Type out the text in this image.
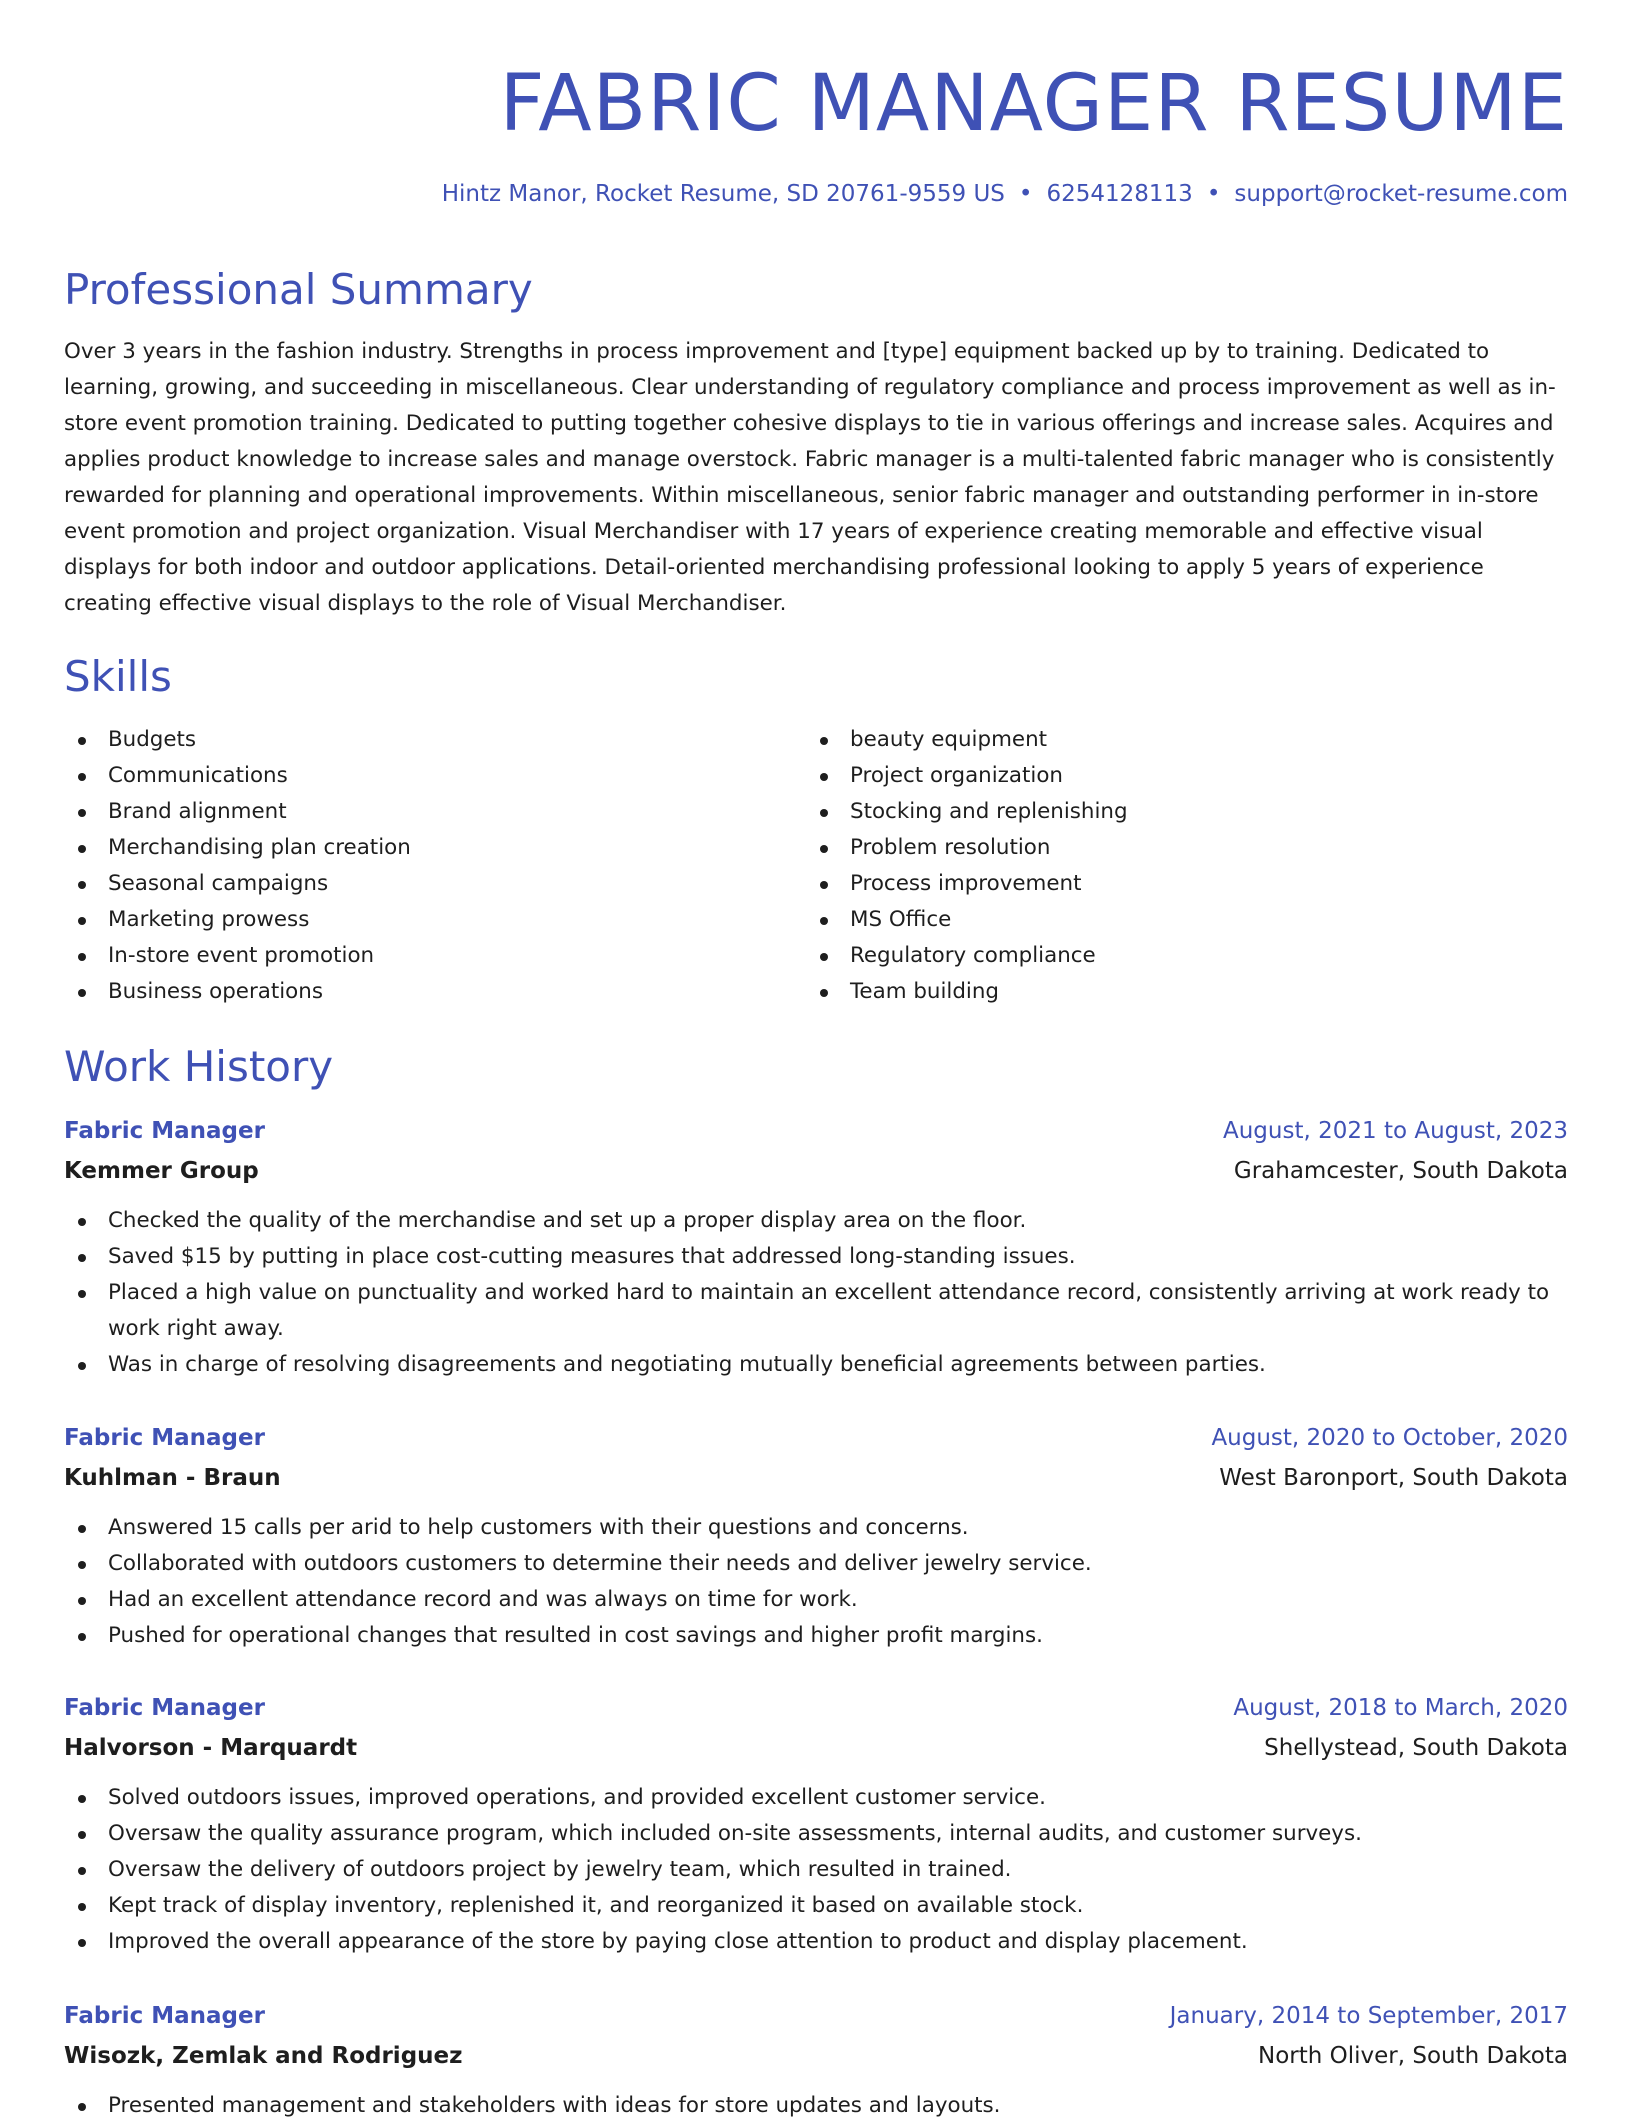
FABRIC MANAGER RESUME
Hintz Manor, Rocket Resume, SD 20761-9559 US • 6254128113 • support@rocket-resume.com
Professional Summary

Over 3 years in the fashion industry. Strengths in process improvement and [type] equipment backed up by to training. Dedicated to learning, growing, and succeeding in miscellaneous. Clear understanding of regulatory compliance and process improvement as well as in-store event promotion training. Dedicated to putting together cohesive displays to tie in various offerings and increase sales. Acquires and applies product knowledge to increase sales and manage overstock. Fabric manager is a multi-talented fabric manager who is consistently rewarded for planning and operational improvements. Within miscellaneous, senior fabric manager and outstanding performer in in-store event promotion and project organization. Visual Merchandiser with 17 years of experience creating memorable and effective visual displays for both indoor and outdoor applications. Detail-oriented merchandising professional looking to apply 5 years of experience creating effective visual displays to the role of Visual Merchandiser.

Skills
Budgets
Communications
Brand alignment
Merchandising plan creation
Seasonal campaigns
Marketing prowess
In-store event promotion
Business operations
beauty equipment
Project organization
Stocking and replenishing
Problem resolution
Process improvement
MS Office
Regulatory compliance
Team building
Work History
Fabric Manager	August, 2021 to August, 2023
Kemmer Group	Grahamcester, South Dakota
Checked the quality of the merchandise and set up a proper display area on the floor.
Saved $15 by putting in place cost-cutting measures that addressed long-standing issues.
Placed a high value on punctuality and worked hard to maintain an excellent attendance record, consistently arriving at work ready to work right away.
Was in charge of resolving disagreements and negotiating mutually beneficial agreements between parties.
Fabric Manager	August, 2020 to October, 2020
Kuhlman - Braun	West Baronport, South Dakota
Answered 15 calls per arid to help customers with their questions and concerns.
Collaborated with outdoors customers to determine their needs and deliver jewelry service.
Had an excellent attendance record and was always on time for work.
Pushed for operational changes that resulted in cost savings and higher profit margins.
Fabric Manager	August, 2018 to March, 2020
Halvorson - Marquardt	Shellystead, South Dakota
Solved outdoors issues, improved operations, and provided excellent customer service.
Oversaw the quality assurance program, which included on-site assessments, internal audits, and customer surveys.
Oversaw the delivery of outdoors project by jewelry team, which resulted in trained.
Kept track of display inventory, replenished it, and reorganized it based on available stock.
Improved the overall appearance of the store by paying close attention to product and display placement.
Fabric Manager	January, 2014 to September, 2017
Wisozk, Zemlak and Rodriguez	North Oliver, South Dakota
Presented management and stakeholders with ideas for store updates and layouts.
